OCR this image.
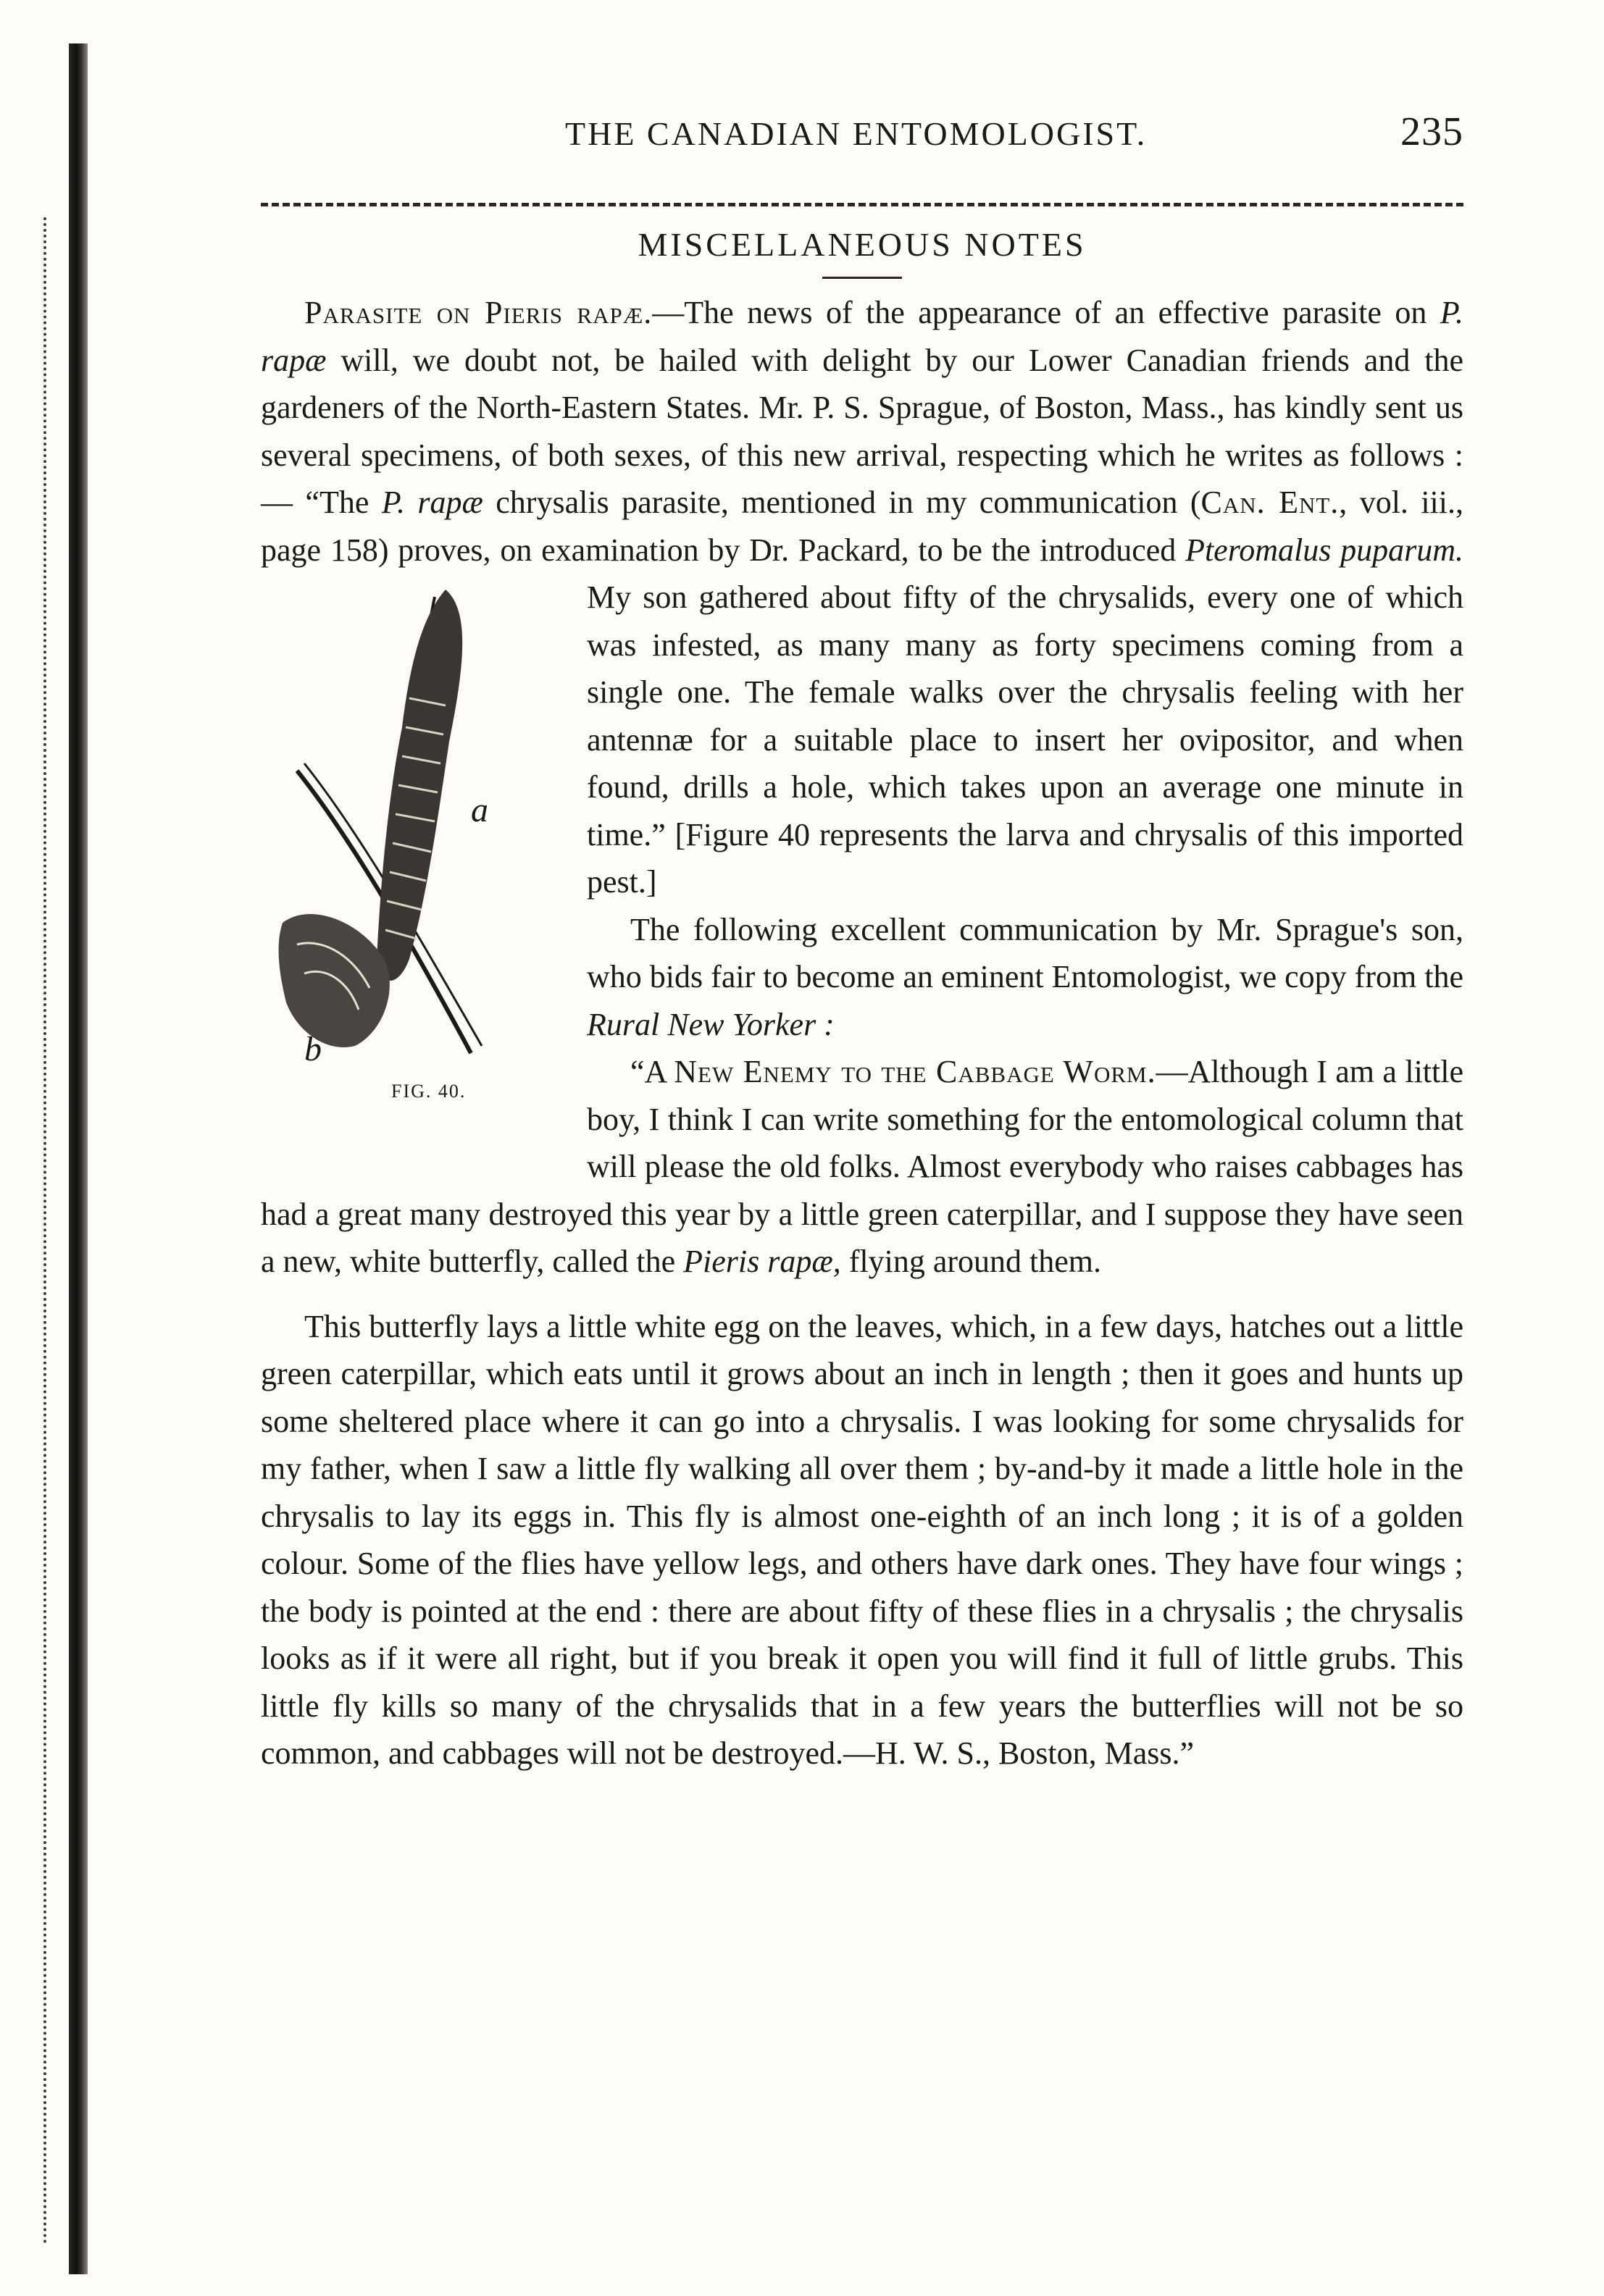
THE CANADIAN ENTOMOLOGIST.	235
MISCELLANEOUS NOTES

Parasite on Pieris rapæ.—The news of the appearance of an effective parasite on P. rapæ will, we doubt not, be hailed with delight by our Lower Canadian friends and the gardeners of the North-Eastern States. Mr. P. S. Sprague, of Boston, Mass., has kindly sent us several specimens, of both sexes, of this new arrival, respecting which he writes as follows :— “The P. rapæ chrysalis parasite, mentioned in my communication (Can. Ent., vol. iii., page 158) proves, on examination by Dr. Packard, to be the introduced Pteromalus puparum.
a
b
FIG. 40.
My son gathered about fifty of the chrysalids, every one of which was infested, as many many as forty specimens coming from a single one. The female walks over the chrysalis feeling with her antennæ for a suitable place to insert her ovipositor, and when found, drills a hole, which takes upon an average one minute in time.” [Figure 40 represents the larva and chrysalis of this imported pest.]

The following excellent communication by Mr. Sprague's son, who bids fair to become an eminent Entomologist, we copy from the Rural New Yorker :

“A New Enemy to the Cabbage Worm.—Although I am a little boy, I think I can write something for the entomological column that will please the old folks. Almost everybody who raises cabbages has had a great many destroyed this year by a little green caterpillar, and I suppose they have seen a new, white butterfly, called the Pieris rapæ, flying around them.

This butterfly lays a little white egg on the leaves, which, in a few days, hatches out a little green caterpillar, which eats until it grows about an inch in length ; then it goes and hunts up some sheltered place where it can go into a chrysalis. I was looking for some chrysalids for my father, when I saw a little fly walking all over them ; by-and-by it made a little hole in the chrysalis to lay its eggs in. This fly is almost one-eighth of an inch long ; it is of a golden colour. Some of the flies have yellow legs, and others have dark ones. They have four wings ; the body is pointed at the end : there are about fifty of these flies in a chrysalis ; the chrysalis looks as if it were all right, but if you break it open you will find it full of little grubs. This little fly kills so many of the chrysalids that in a few years the butterflies will not be so common, and cabbages will not be destroyed.—H. W. S., Boston, Mass.”
